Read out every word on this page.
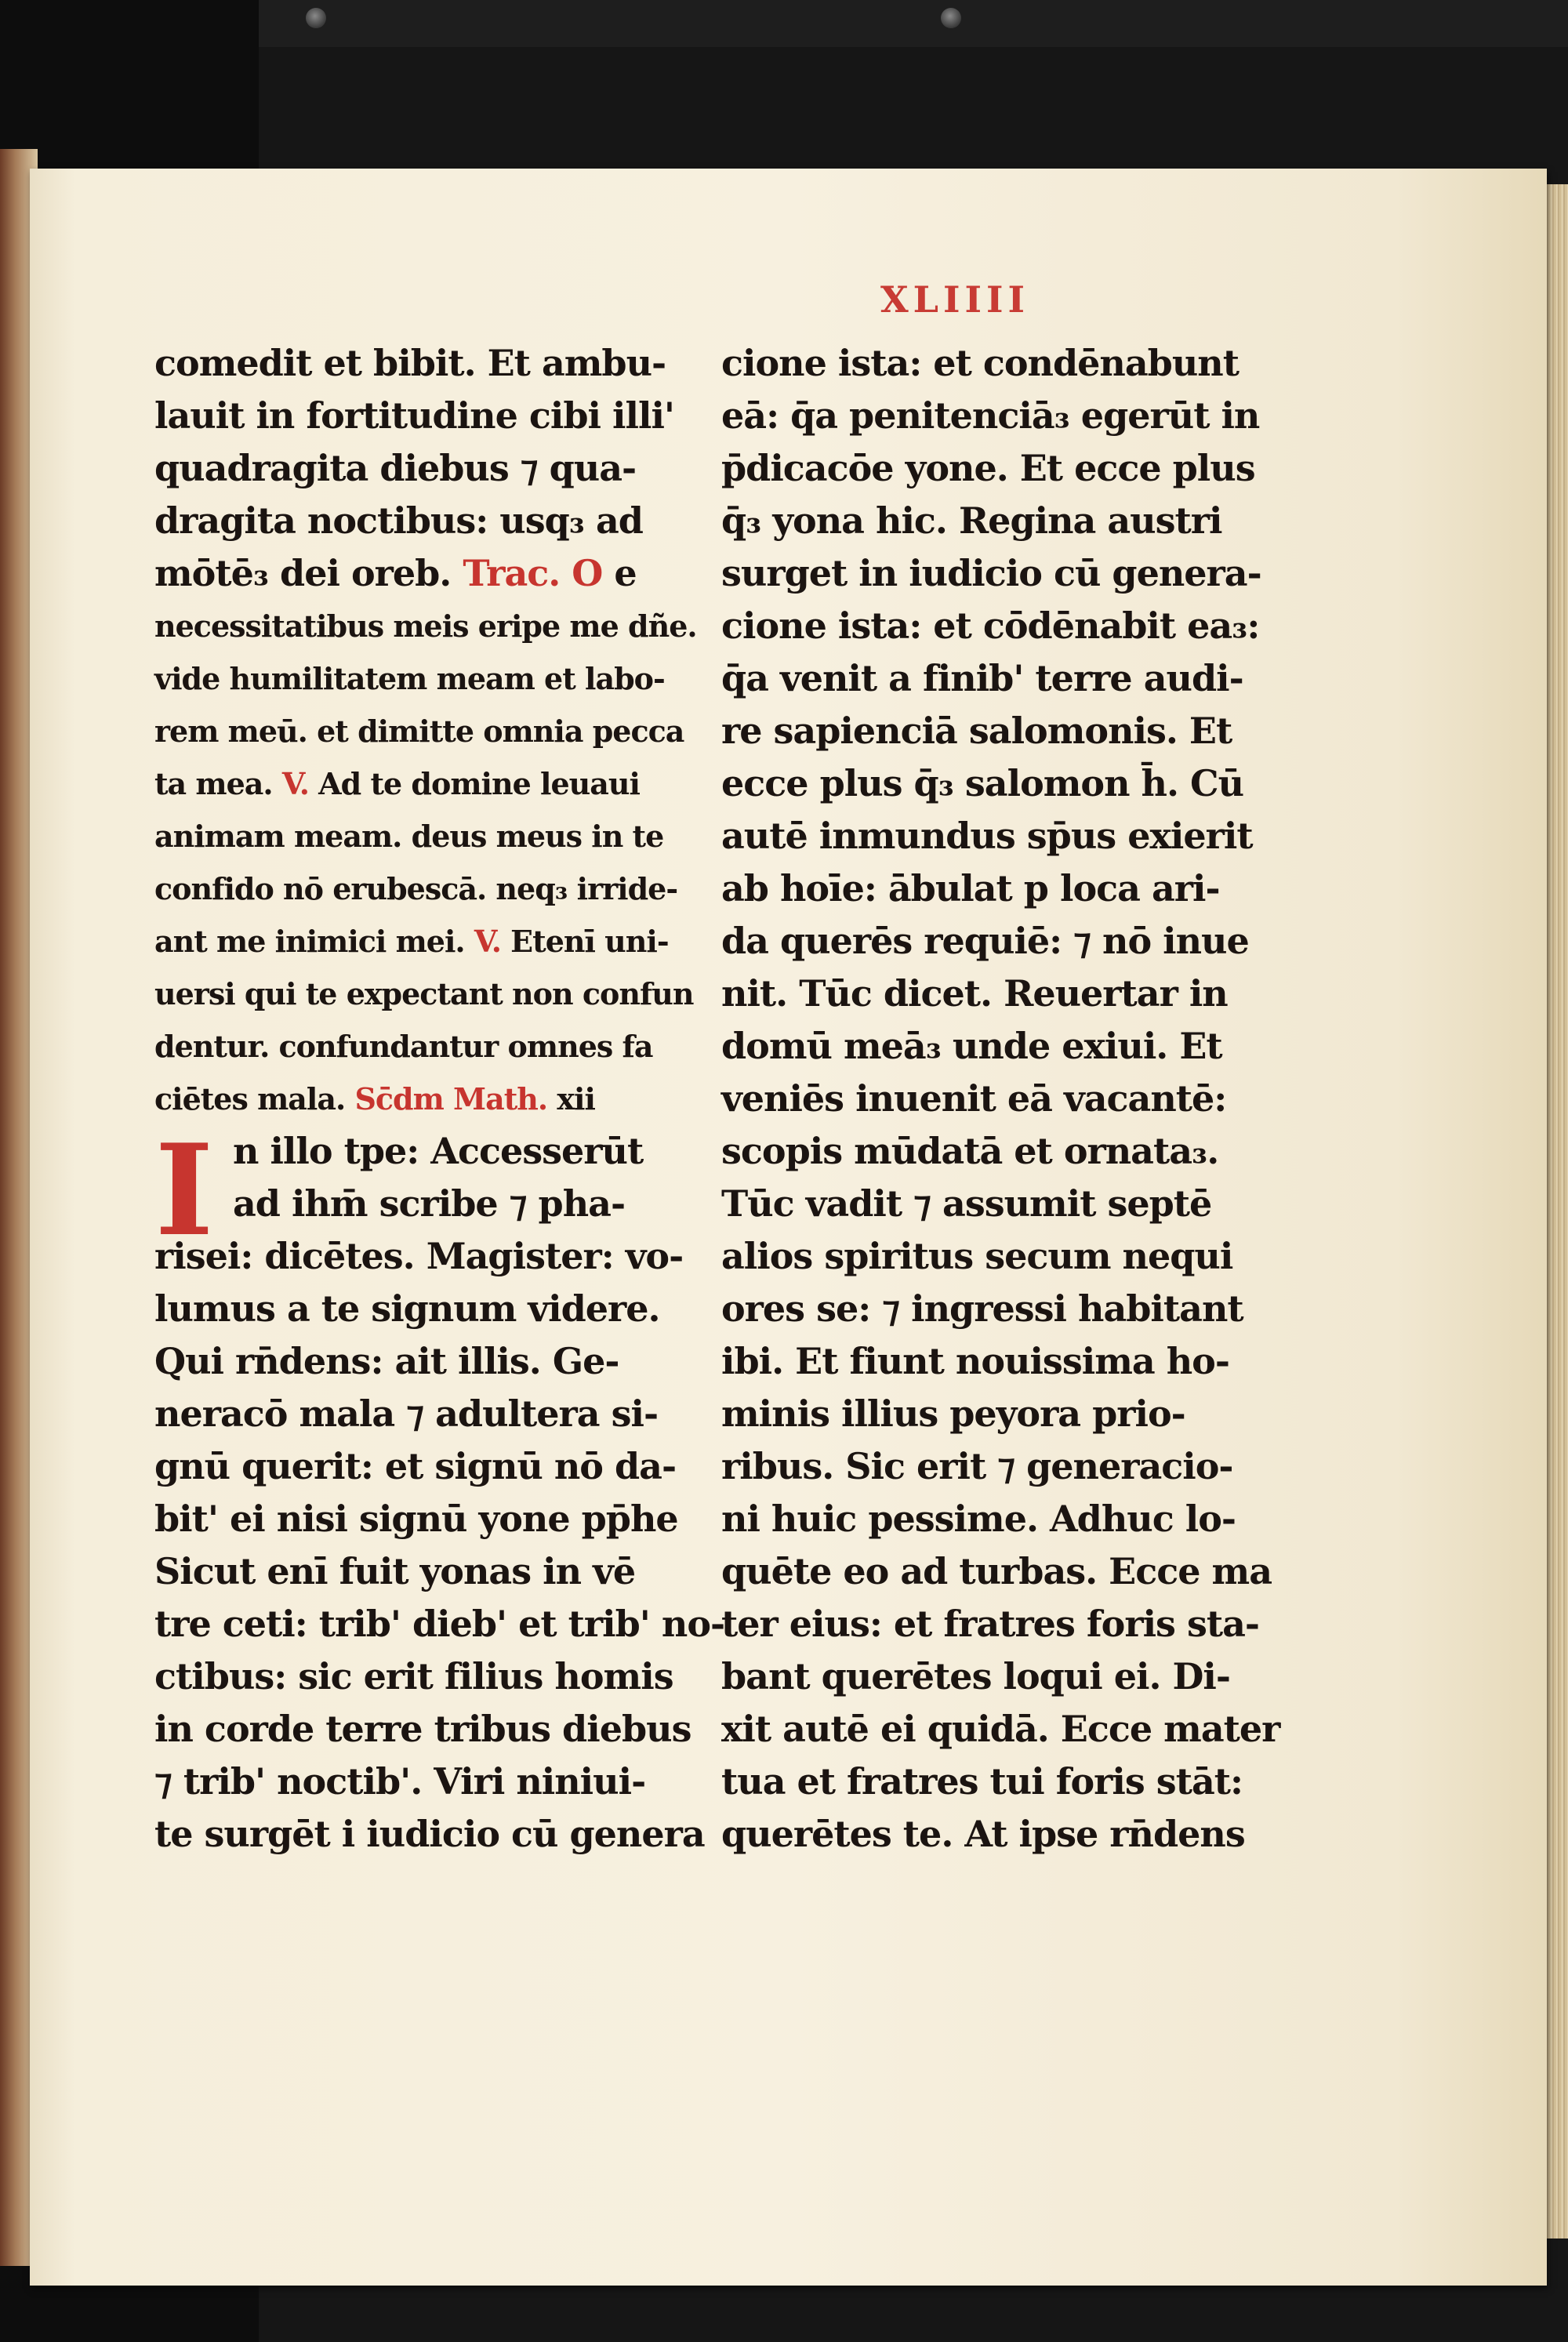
XLIIII
I
comedit et bibit. Et ambu-
lauit in fortitudine cibi illi'
quadragita diebus ⁊ qua-
dragita noctibus: usq₃ ad
mōtē₃ dei oreb. Trac. O e
necessitatibus meis eripe me dñe.
vide humilitatem meam et labo-
rem meū. et dimitte omnia pecca
ta mea. V. Ad te domine leuaui
animam meam. deus meus in te
confido nō erubescā. neq₃ irride-
ant me inimici mei. V. Etenī uni-
uersi qui te expectant non confun
dentur. confundantur omnes fa
ciētes mala. Sc̄dm Math. xii
n illo tpe: Accesserūt
ad ihm̄ scribe ⁊ pha-
risei: dicētes. Magister: vo-
lumus a te signum videre.
Qui rn̄dens: ait illis. Ge-
neracō mala ⁊ adultera si-
gnū querit: et signū nō da-
bit' ei nisi signū yone pp̄he
Sicut enī fuit yonas in vē
tre ceti: trib' dieb' et trib' no-
ctibus: sic erit filius homis
in corde terre tribus diebus
⁊ trib' noctib'. Viri niniui-
te surgēt i iudicio cū genera
cione ista: et condēnabunt
eā: q̄a penitenciā₃ egerūt in
p̄dicacōe yone. Et ecce plus
q̄₃ yona hic. Regina austri
surget in iudicio cū genera-
cione ista: et cōdēnabit ea₃:
q̄a venit a finib' terre audi-
re sapienciā salomonis. Et
ecce plus q̄₃ salomon h̄. Cū
autē inmundus sp̄us exierit
ab hoīe: ābulat p loca ari-
da querēs requiē: ⁊ nō inue
nit. Tūc dicet. Reuertar in
domū meā₃ unde exiui. Et
veniēs inuenit eā vacantē:
scopis mūdatā et ornata₃.
Tūc vadit ⁊ assumit septē
alios spiritus secum nequi
ores se: ⁊ ingressi habitant
ibi. Et fiunt nouissima ho-
minis illius peyora prio-
ribus. Sic erit ⁊ generacio-
ni huic pessime. Adhuc lo-
quēte eo ad turbas. Ecce ma
ter eius: et fratres foris sta-
bant querētes loqui ei. Di-
xit autē ei quidā. Ecce mater
tua et fratres tui foris stāt:
querētes te. At ipse rn̄dens
